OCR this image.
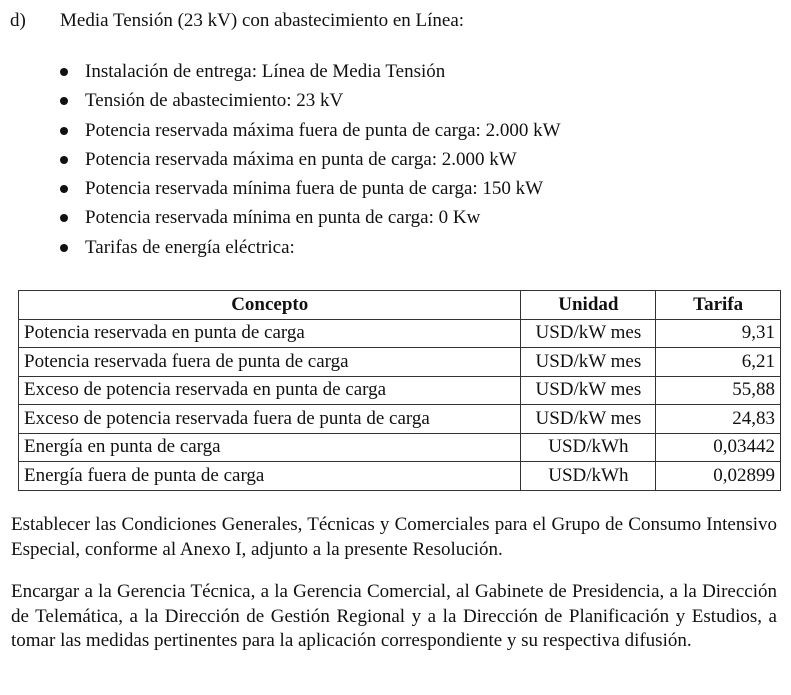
d) Media Tensión (23 kV) con abastecimiento en Línea:
Instalación de entrega: Línea de Media Tensión
Tensión de abastecimiento: 23 kV
Potencia reservada máxima fuera de punta de carga: 2.000 kW
Potencia reservada máxima en punta de carga: 2.000 kW
Potencia reservada mínima fuera de punta de carga: 150 kW
Potencia reservada mínima en punta de carga: 0 Kw
Tarifas de energía eléctrica:
Concepto	Unidad	Tarifa
Potencia reservada en punta de carga	USD/kW mes	9,31
Potencia reservada fuera de punta de carga	USD/kW mes	6,21
Exceso de potencia reservada en punta de carga	USD/kW mes	55,88
Exceso de potencia reservada fuera de punta de carga	USD/kW mes	24,83
Energía en punta de carga	USD/kWh	0,03442
Energía fuera de punta de carga	USD/kWh	0,02899

Establecer las Condiciones Generales, Técnicas y Comerciales para el Grupo de Consumo Intensivo Especial, conforme al Anexo I, adjunto a la presente Resolución.

Encargar a la Gerencia Técnica, a la Gerencia Comercial, al Gabinete de Presidencia, a la Dirección de Telemática, a la Dirección de Gestión Regional y a la Dirección de Planificación y Estudios, a tomar las medidas pertinentes para la aplicación correspondiente y su respectiva difusión.
